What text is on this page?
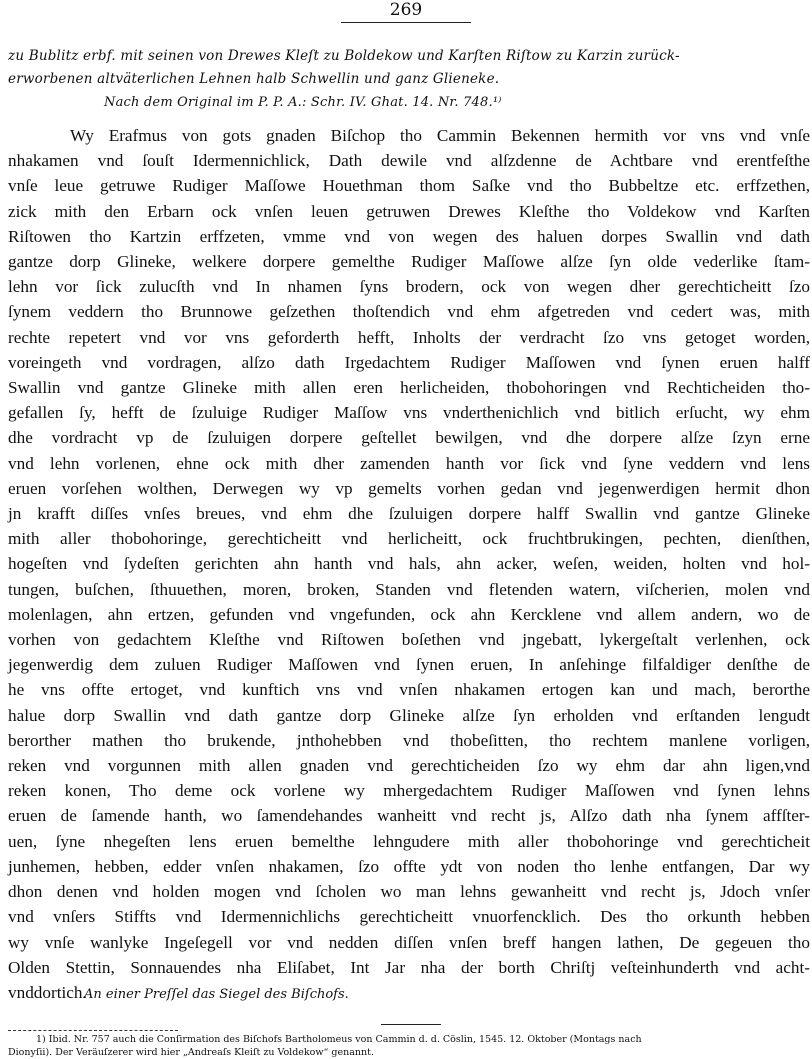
269
zu Bublitz erbf. mit seinen von Drewes Kleſt zu Boldekow und Karſten Riſtow zu Karzin zurück-
erworbenen altväterlichen Lehnen halb Schwellin und ganz Glieneke.
Nach dem Original im P. P. A.: Schr. IV. Ghat. 14. Nr. 748.¹⁾
Wy Erafmus von gots gnaden Biſchop tho Cammin Bekennen hermith vor vns vnd vnſe
nhakamen vnd ſouſt Idermennichlick, Dath dewile vnd alſzdenne de Achtbare vnd erentfeſthe
vnſe leue getruwe Rudiger Maſſowe Houethman thom Saſke vnd tho Bubbeltze etc. erffzethen,
zick mith den Erbarn ock vnſen leuen getruwen Drewes Kleſthe tho Voldekow vnd Karſten
Riſtowen tho Kartzin erffzeten, vmme vnd von wegen des haluen dorpes Swallin vnd dath
gantze dorp Glineke, welkere dorpere gemelthe Rudiger Maſſowe alſze ſyn olde vederlike ſtam-
lehn vor ſick zulucſth vnd In nhamen ſyns brodern, ock von wegen dher gerechticheitt ſzo
ſynem veddern tho Brunnowe geſzethen thoſtendich vnd ehm afgetreden vnd cedert was, mith
rechte repetert vnd vor vns geforderth hefft, Inholts der verdracht ſzo vns getoget worden,
voreingeth vnd vordragen, alſzo dath Irgedachtem Rudiger Maſſowen vnd ſynen eruen halff
Swallin vnd gantze Glineke mith allen eren herlicheiden, thobohoringen vnd Rechticheiden tho-
gefallen ſy, hefft de ſzuluige Rudiger Maſſow vns vnderthenichlich vnd bitlich erſucht, wy ehm
dhe vordracht vp de ſzuluigen dorpere geſtellet bewilgen, vnd dhe dorpere alſze ſzyn erne
vnd lehn vorlenen, ehne ock mith dher zamenden hanth vor ſick vnd ſyne veddern vnd lens
eruen vorſehen wolthen, Derwegen wy vp gemelts vorhen gedan vnd jegenwerdigen hermit dhon
jn krafft diſſes vnſes breues, vnd ehm dhe ſzuluigen dorpere halff Swallin vnd gantze Glineke
mith aller thobohoringe, gerechticheitt vnd herlicheitt, ock fruchtbrukingen, pechten, dienſthen,
hogeſten vnd ſydeſten gerichten ahn hanth vnd hals, ahn acker, weſen, weiden, holten vnd hol-
tungen, buſchen, ſthuuethen, moren, broken, Standen vnd fletenden watern, viſcherien, molen vnd
molenlagen, ahn ertzen, gefunden vnd vngefunden, ock ahn Kercklene vnd allem andern, wo de
vorhen von gedachtem Kleſthe vnd Riſtowen boſethen vnd jngebatt, lykergeſtalt verlenhen, ock
jegenwerdig dem zuluen Rudiger Maſſowen vnd ſynen eruen, In anſehinge filfaldiger denſthe de
he vns offte ertoget, vnd kunftich vns vnd vnſen nhakamen ertogen kan und mach, berorthe
halue dorp Swallin vnd dath gantze dorp Glineke alſze ſyn erholden vnd erſtanden lengudt
berorther mathen tho brukende, jnthohebben vnd thobeſitten, tho rechtem manlene vorligen,
reken vnd vorgunnen mith allen gnaden vnd gerechticheiden ſzo wy ehm dar ahn ligen,vnd
reken konen, Tho deme ock vorlene wy mhergedachtem Rudiger Maſſowen vnd ſynen lehns
eruen de ſamende hanth, wo ſamendehandes wanheitt vnd recht js, Alſzo dath nha ſynem affſter-
uen, ſyne nhegeſten lens eruen bemelthe lehngudere mith aller thobohoringe vnd gerechticheit
junhemen, hebben, edder vnſen nhakamen, ſzo offte ydt von noden tho lenhe entfangen, Dar wy
dhon denen vnd holden mogen vnd ſcholen wo man lehns gewanheitt vnd recht js, Jdoch vnſer
vnd vnſers Stiffts vnd Idermennichlichs gerechticheitt vnuorfencklich. Des tho orkunth hebben
wy vnſe wanlyke Ingeſegell vor vnd nedden diſſen vnſen breff hangen lathen, De gegeuen tho
Olden Stettin, Sonnauendes nha Eliſabet, Int Jar nha der borth Chriſtj veſteinhunderth vnd acht-
vnddortich.
An einer Preſſel das Siegel des Biſchofs.
1) Ibid. Nr. 757 auch die Conſirmation des Biſchofs Bartholomeus von Cammin d. d. Cöslin, 1545. 12. Oktober (Montags nach
Dionyſii). Der Veräuſzerer wird hier „Andreaſs Kleiſt zu Voldekow“ genannt.
